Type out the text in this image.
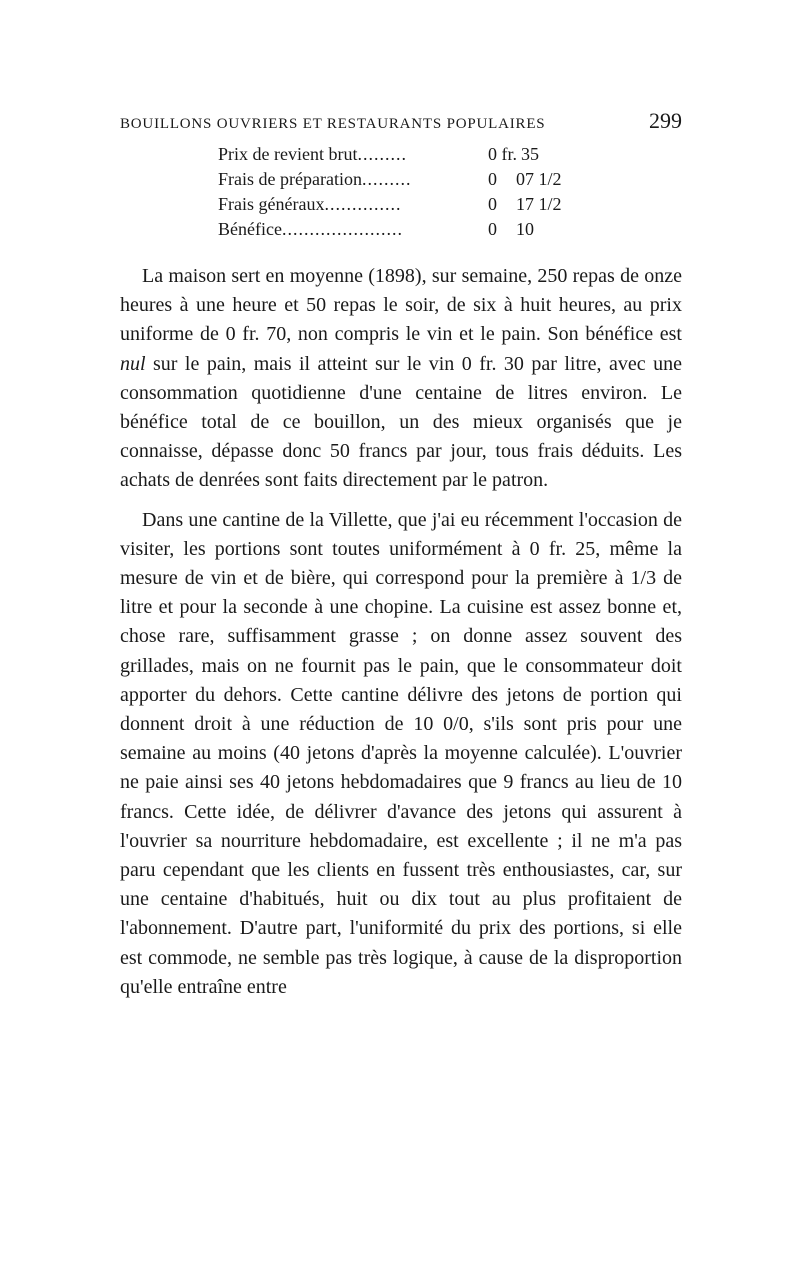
BOUILLONS OUVRIERS ET RESTAURANTS POPULAIRES	299
Prix de revient brut.........	0 fr. 35
Frais de préparation.........	0	07 1/2
Frais généraux..............	0	17 1/2
Bénéfice......................	0	10

La maison sert en moyenne (1898), sur semaine, 250 repas de onze heures à une heure et 50 repas le soir, de six à huit heures, au prix uniforme de 0 fr. 70, non compris le vin et le pain. Son bénéfice est nul sur le pain, mais il atteint sur le vin 0 fr. 30 par litre, avec une consommation quotidienne d'une centaine de litres environ. Le bénéfice total de ce bouillon, un des mieux organisés que je connaisse, dépasse donc 50 francs par jour, tous frais déduits. Les achats de denrées sont faits directement par le patron.

Dans une cantine de la Villette, que j'ai eu récemment l'occasion de visiter, les portions sont toutes uniformément à 0 fr. 25, même la mesure de vin et de bière, qui correspond pour la première à 1/3 de litre et pour la seconde à une chopine. La cuisine est assez bonne et, chose rare, suffisamment grasse ; on donne assez souvent des grillades, mais on ne fournit pas le pain, que le consommateur doit apporter du dehors. Cette cantine délivre des jetons de portion qui donnent droit à une réduction de 10 0/0, s'ils sont pris pour une semaine au moins (40 jetons d'après la moyenne calculée). L'ouvrier ne paie ainsi ses 40 jetons hebdomadaires que 9 francs au lieu de 10 francs. Cette idée, de délivrer d'avance des jetons qui assurent à l'ouvrier sa nourriture hebdomadaire, est excellente ; il ne m'a pas paru cependant que les clients en fussent très enthousiastes, car, sur une centaine d'habitués, huit ou dix tout au plus profitaient de l'abonnement. D'autre part, l'uniformité du prix des portions, si elle est commode, ne semble pas très logique, à cause de la disproportion qu'elle entraîne entre
